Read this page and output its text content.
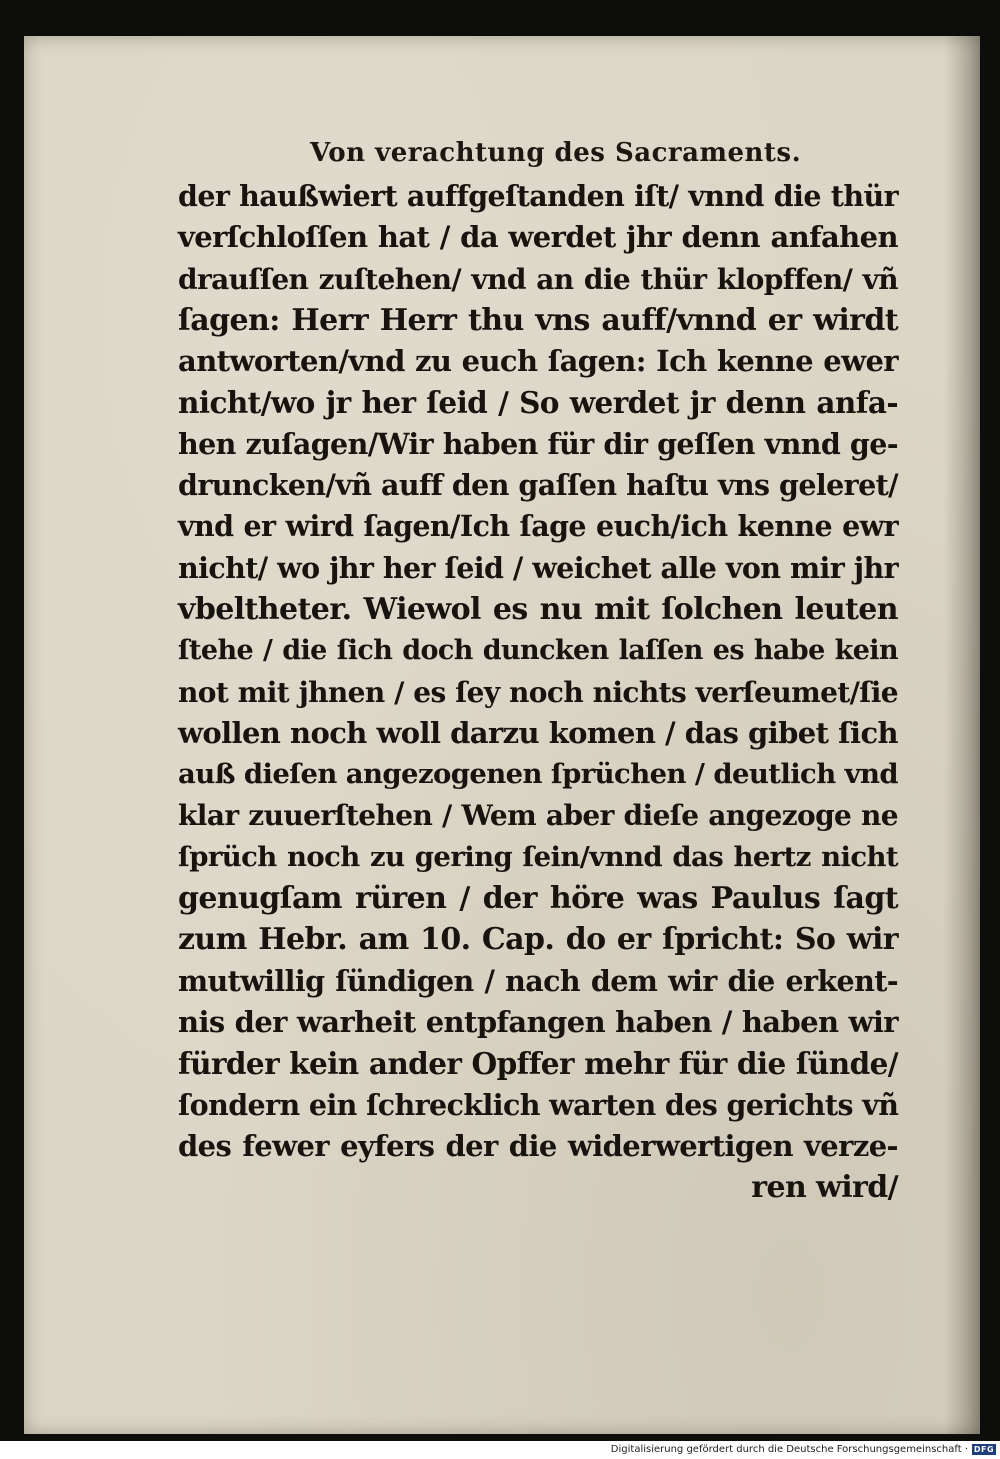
Von verachtung des Sacraments.
der haußwiert auffgeſtanden iſt/ vnnd die thür
verſchloſſen hat / da werdet jhr denn anfahen
drauſſen zuſtehen/ vnd an die thür klopffen/ vñ
ſagen: Herr Herr thu vns auff/vnnd er wirdt
antworten/vnd zu euch ſagen: Ich kenne ewer
nicht/wo jr her ſeid / So werdet jr denn anfa-
hen zuſagen/Wir haben für dir geſſen vnnd ge-
druncken/vñ auff den gaſſen haſtu vns geleret/
vnd er wird ſagen/Ich ſage euch/ich kenne ewr
nicht/ wo jhr her ſeid / weichet alle von mir jhr
vbeltheter. Wiewol es nu mit ſolchen leuten
ſtehe / die ſich doch duncken laſſen es habe kein
not mit jhnen / es ſey noch nichts verſeumet/ſie
wollen noch woll darzu komen / das gibet ſich
auß dieſen angezogenen ſprüchen / deutlich vnd
klar zuuerſtehen / Wem aber dieſe angezoge ne
ſprüch noch zu gering ſein/vnnd das hertz nicht
genugſam rüren / der höre was Paulus ſagt
zum Hebr. am 10. Cap. do er ſpricht: So wir
mutwillig ſündigen / nach dem wir die erkent-
nis der warheit entpfangen haben / haben wir
fürder kein ander Opffer mehr für die ſünde/
ſondern ein ſchrecklich warten des gerichts vñ
des fewer eyfers der die widerwertigen verze-
ren wird/
Digitalisierung gefördert durch die Deutsche Forschungsgemeinschaft · DFG
